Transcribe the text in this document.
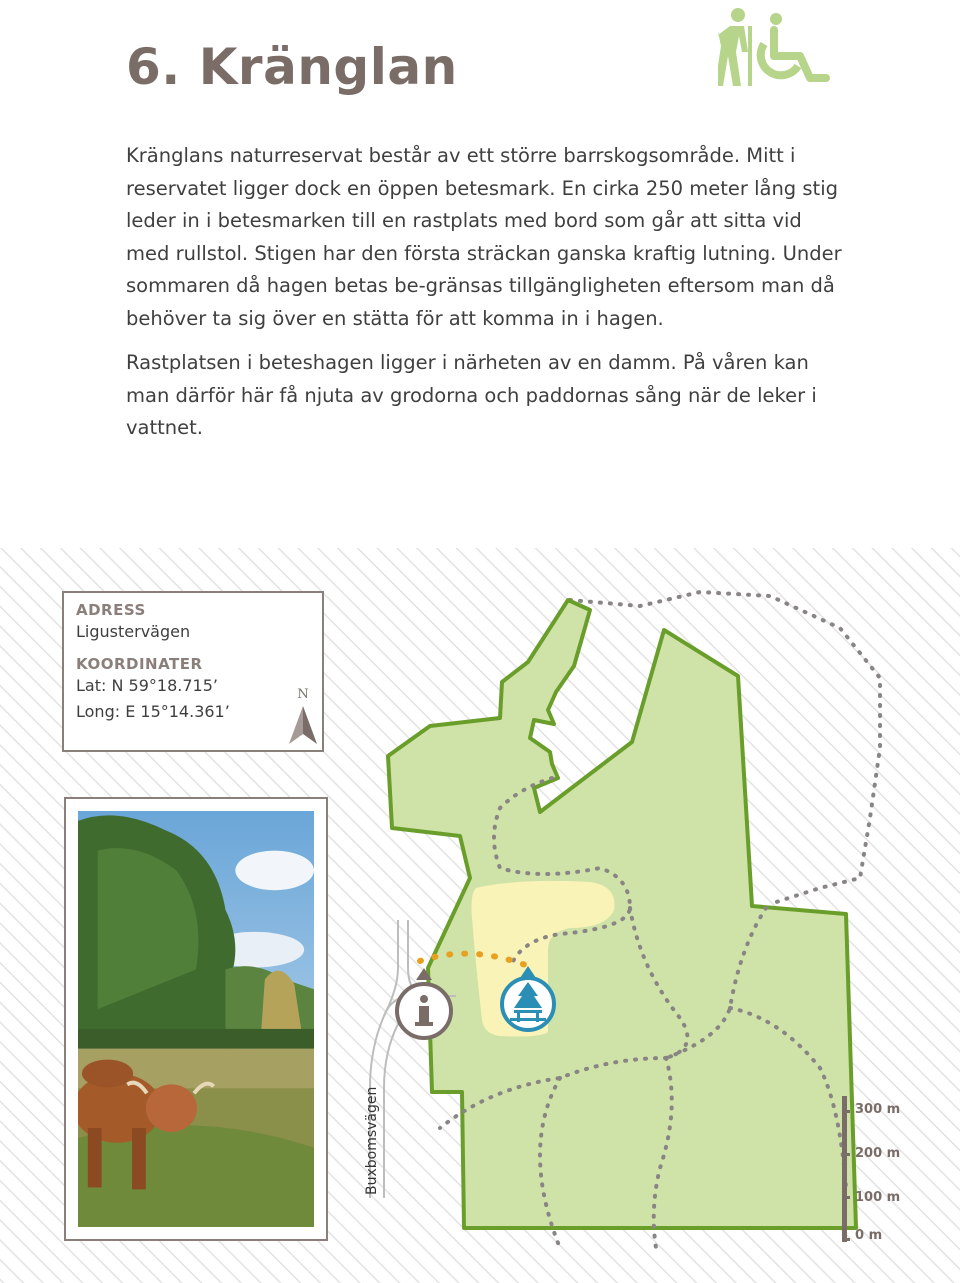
6. Kränglan

Kränglans naturreservat består av ett större barrskogsområde. Mitt i reservatet ligger dock en öppen betesmark. En cirka 250 meter lång stig leder in i betesmarken till en rastplats med bord som går att sitta vid med rullstol. Stigen har den första sträckan ganska kraftig lutning. Under sommaren då hagen betas be-gränsas tillgängligheten eftersom man då behöver ta sig över en stätta för att komma in i hagen.

Rastplatsen i beteshagen ligger i närheten av en damm. På våren kan man därför här få njuta av grodorna och paddornas sång när de leker i vattnet.

300 m
200 m
100 m
0 m
Buxbomsvägen

ADRESS

Ligustervägen

KOORDINATER

Lat: N 59°18.715’

Long: E 15°14.361’

N
